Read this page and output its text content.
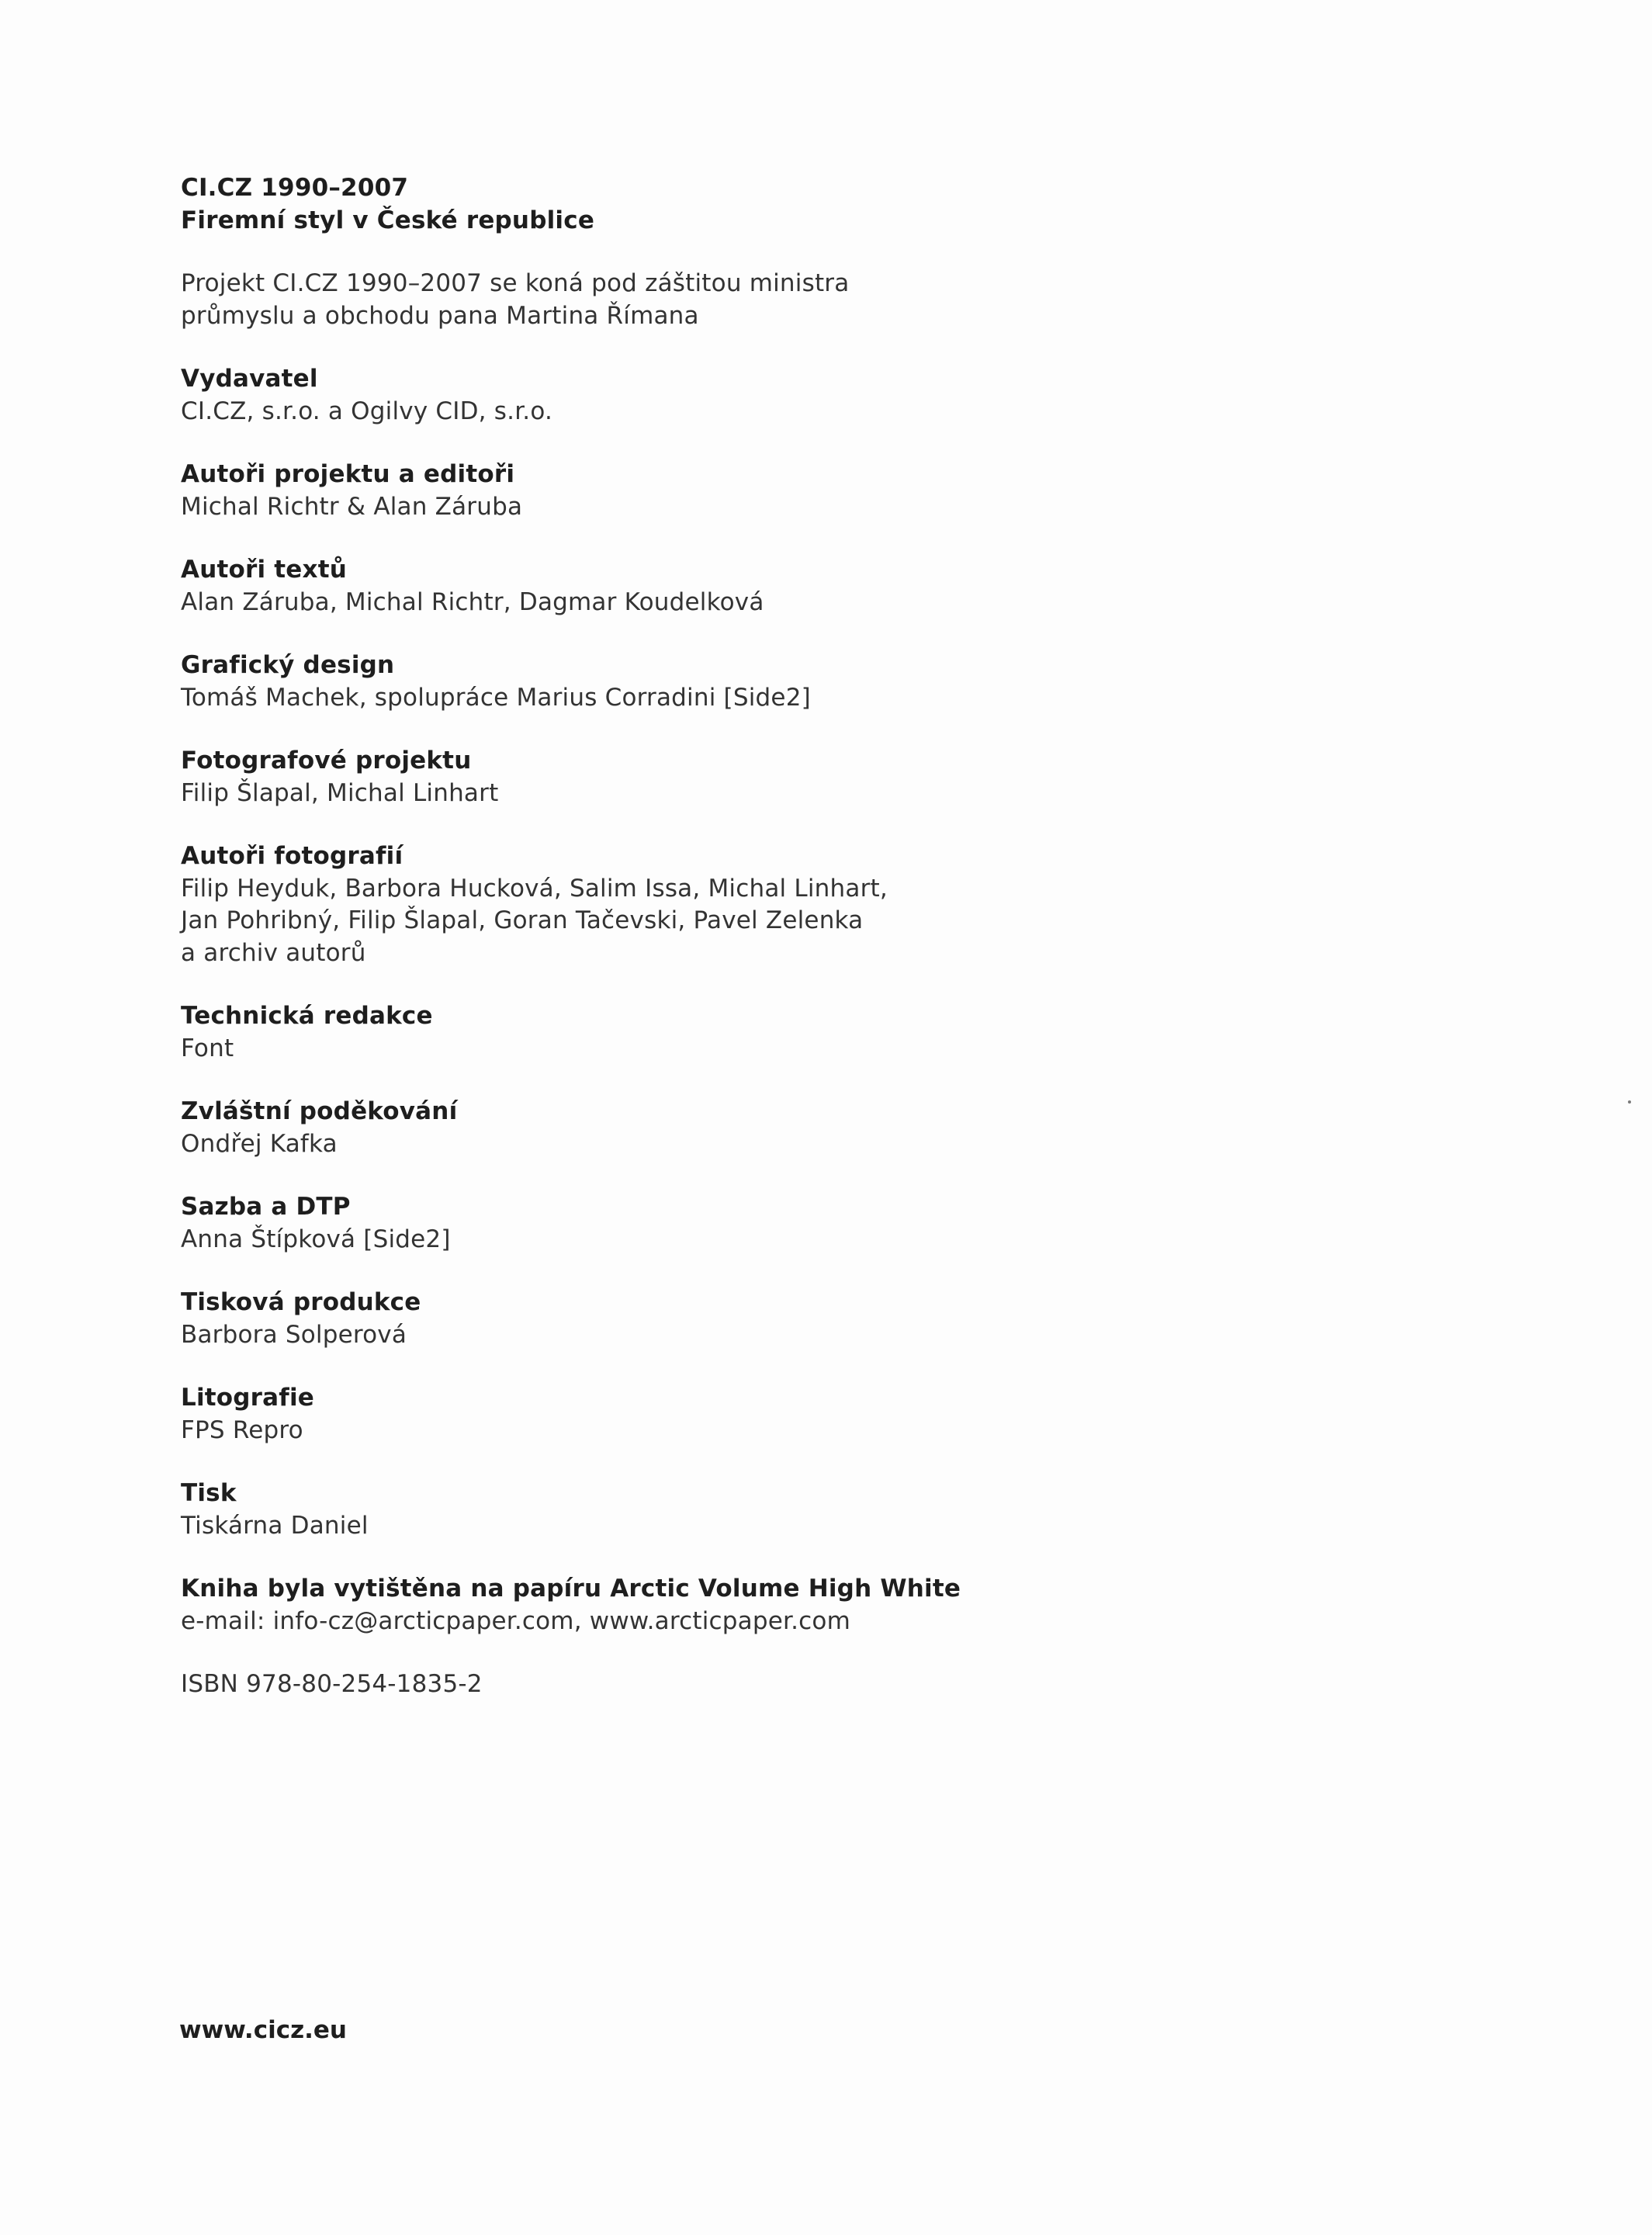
CI.CZ 1990–2007
Firemní styl v České republice
Projekt CI.CZ 1990–2007 se koná pod záštitou ministra
průmyslu a obchodu pana Martina Římana
Vydavatel
CI.CZ, s.r.o. a Ogilvy CID, s.r.o.
Autoři projektu a editoři
Michal Richtr & Alan Záruba
Autoři textů
Alan Záruba, Michal Richtr, Dagmar Koudelková
Grafický design
Tomáš Machek, spolupráce Marius Corradini [Side2]
Fotografové projektu
Filip Šlapal, Michal Linhart
Autoři fotografií
Filip Heyduk, Barbora Hucková, Salim Issa, Michal Linhart,
Jan Pohribný, Filip Šlapal, Goran Tačevski, Pavel Zelenka
a archiv autorů
Technická redakce
Font
Zvláštní poděkování
Ondřej Kafka
Sazba a DTP
Anna Štípková [Side2]
Tisková produkce
Barbora Solperová
Litografie
FPS Repro
Tisk
Tiskárna Daniel
Kniha byla vytištěna na papíru Arctic Volume High White
e-mail: info-cz@arcticpaper.com, www.arcticpaper.com
ISBN 978-80-254-1835-2
www.cicz.eu
